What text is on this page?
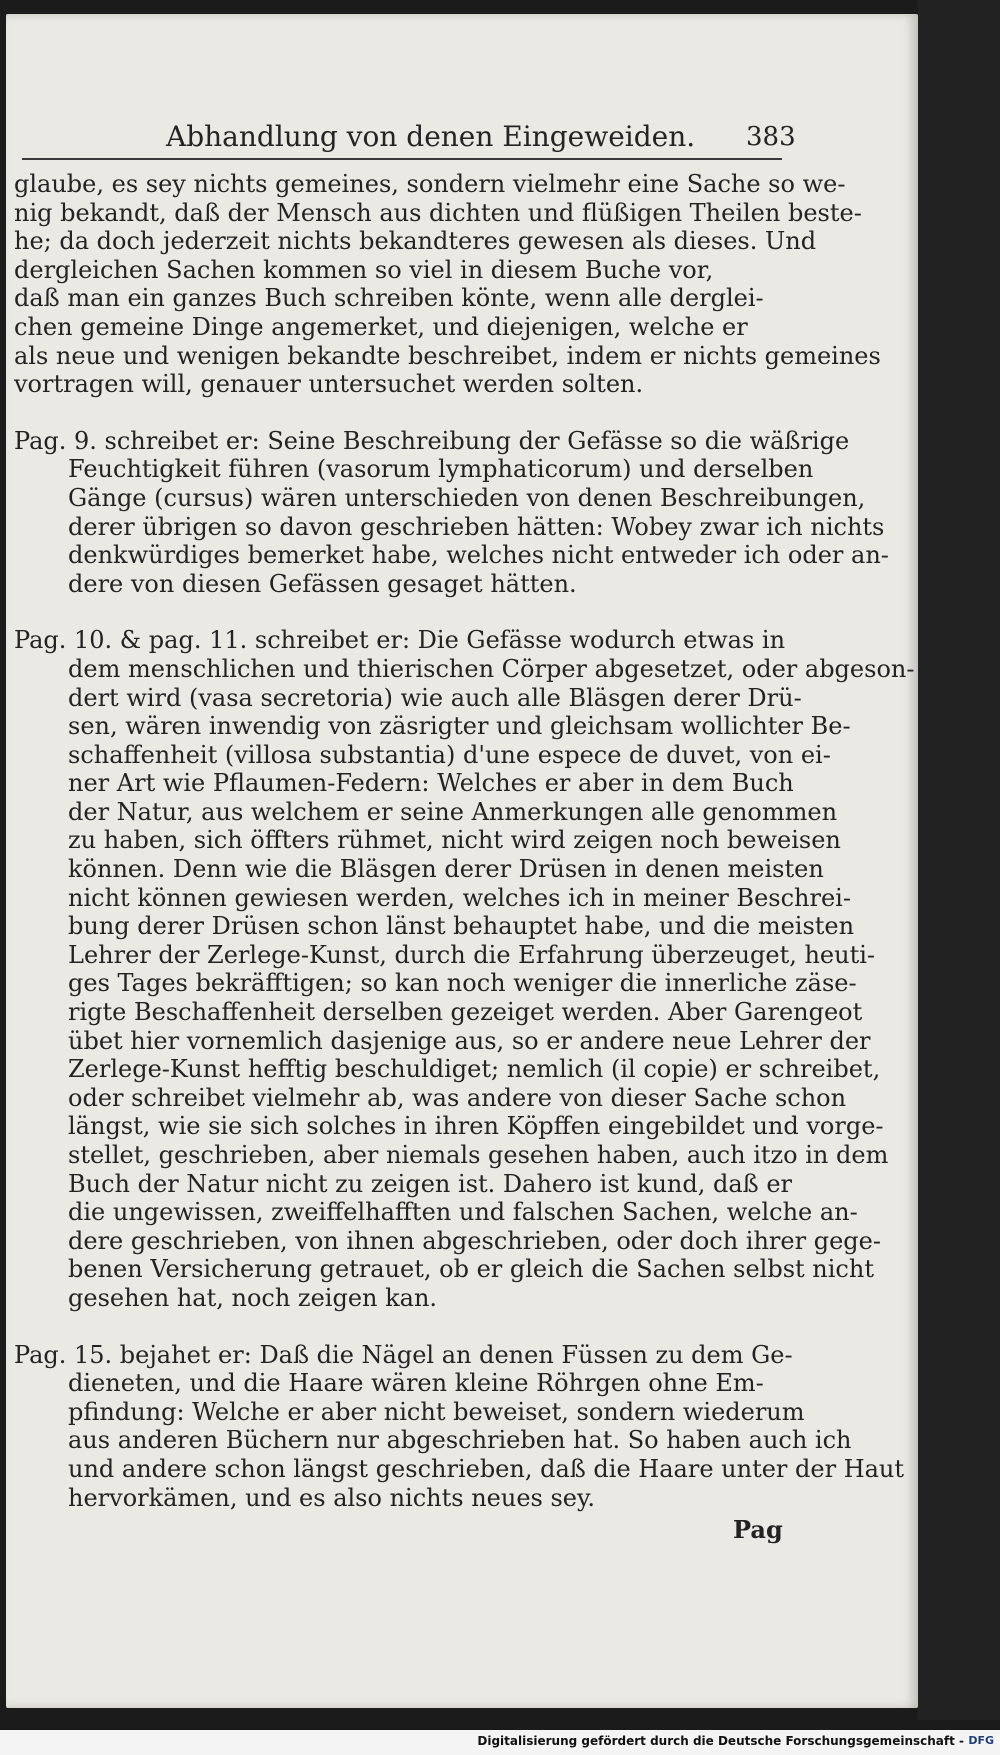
Abhandlung von denen Eingeweiden. 383

glaube, es sey nichts gemeines, sondern vielmehr eine Sache so we-

nig bekandt, daß der Mensch aus dichten und flüßigen Theilen beste-

he; da doch jederzeit nichts bekandteres gewesen als dieses. Und

dergleichen Sachen kommen so viel in diesem Buche vor,

daß man ein ganzes Buch schreiben könte, wenn alle derglei-

chen gemeine Dinge angemerket, und diejenigen, welche er

als neue und wenigen bekandte beschreibet, indem er nichts gemeines

vortragen will, genauer untersuchet werden solten.

Pag. 9. schreibet er: Seine Beschreibung der Gefässe so die wäßrige

Feuchtigkeit führen (vasorum lymphaticorum) und derselben

Gänge (cursus) wären unterschieden von denen Beschreibungen,

derer übrigen so davon geschrieben hätten: Wobey zwar ich nichts

denkwürdiges bemerket habe, welches nicht entweder ich oder an-

dere von diesen Gefässen gesaget hätten.

Pag. 10. & pag. 11. schreibet er: Die Gefässe wodurch etwas in

dem menschlichen und thierischen Cörper abgesetzet, oder abgeson-

dert wird (vasa secretoria) wie auch alle Bläsgen derer Drü-

sen, wären inwendig von zäsrigter und gleichsam wollichter Be-

schaffenheit (villosa substantia) d'une espece de duvet, von ei-

ner Art wie Pflaumen-Federn: Welches er aber in dem Buch

der Natur, aus welchem er seine Anmerkungen alle genommen

zu haben, sich öffters rühmet, nicht wird zeigen noch beweisen

können. Denn wie die Bläsgen derer Drüsen in denen meisten

nicht können gewiesen werden, welches ich in meiner Beschrei-

bung derer Drüsen schon länst behauptet habe, und die meisten

Lehrer der Zerlege-Kunst, durch die Erfahrung überzeuget, heuti-

ges Tages bekräfftigen; so kan noch weniger die innerliche zäse-

rigte Beschaffenheit derselben gezeiget werden. Aber Garengeot

übet hier vornemlich dasjenige aus, so er andere neue Lehrer der

Zerlege-Kunst hefftig beschuldiget; nemlich (il copie) er schreibet,

oder schreibet vielmehr ab, was andere von dieser Sache schon

längst, wie sie sich solches in ihren Köpffen eingebildet und vorge-

stellet, geschrieben, aber niemals gesehen haben, auch itzo in dem

Buch der Natur nicht zu zeigen ist. Dahero ist kund, daß er

die ungewissen, zweiffelhafften und falschen Sachen, welche an-

dere geschrieben, von ihnen abgeschrieben, oder doch ihrer gege-

benen Versicherung getrauet, ob er gleich die Sachen selbst nicht

gesehen hat, noch zeigen kan.

Pag. 15. bejahet er: Daß die Nägel an denen Füssen zu dem Ge-

dieneten, und die Haare wären kleine Röhrgen ohne Em-

pfindung: Welche er aber nicht beweiset, sondern wiederum

aus anderen Büchern nur abgeschrieben hat. So haben auch ich

und andere schon längst geschrieben, daß die Haare unter der Haut

hervorkämen, und es also nichts neues sey.

Pag
Digitalisierung gefördert durch die Deutsche Forschungsgemeinschaft - DFG
